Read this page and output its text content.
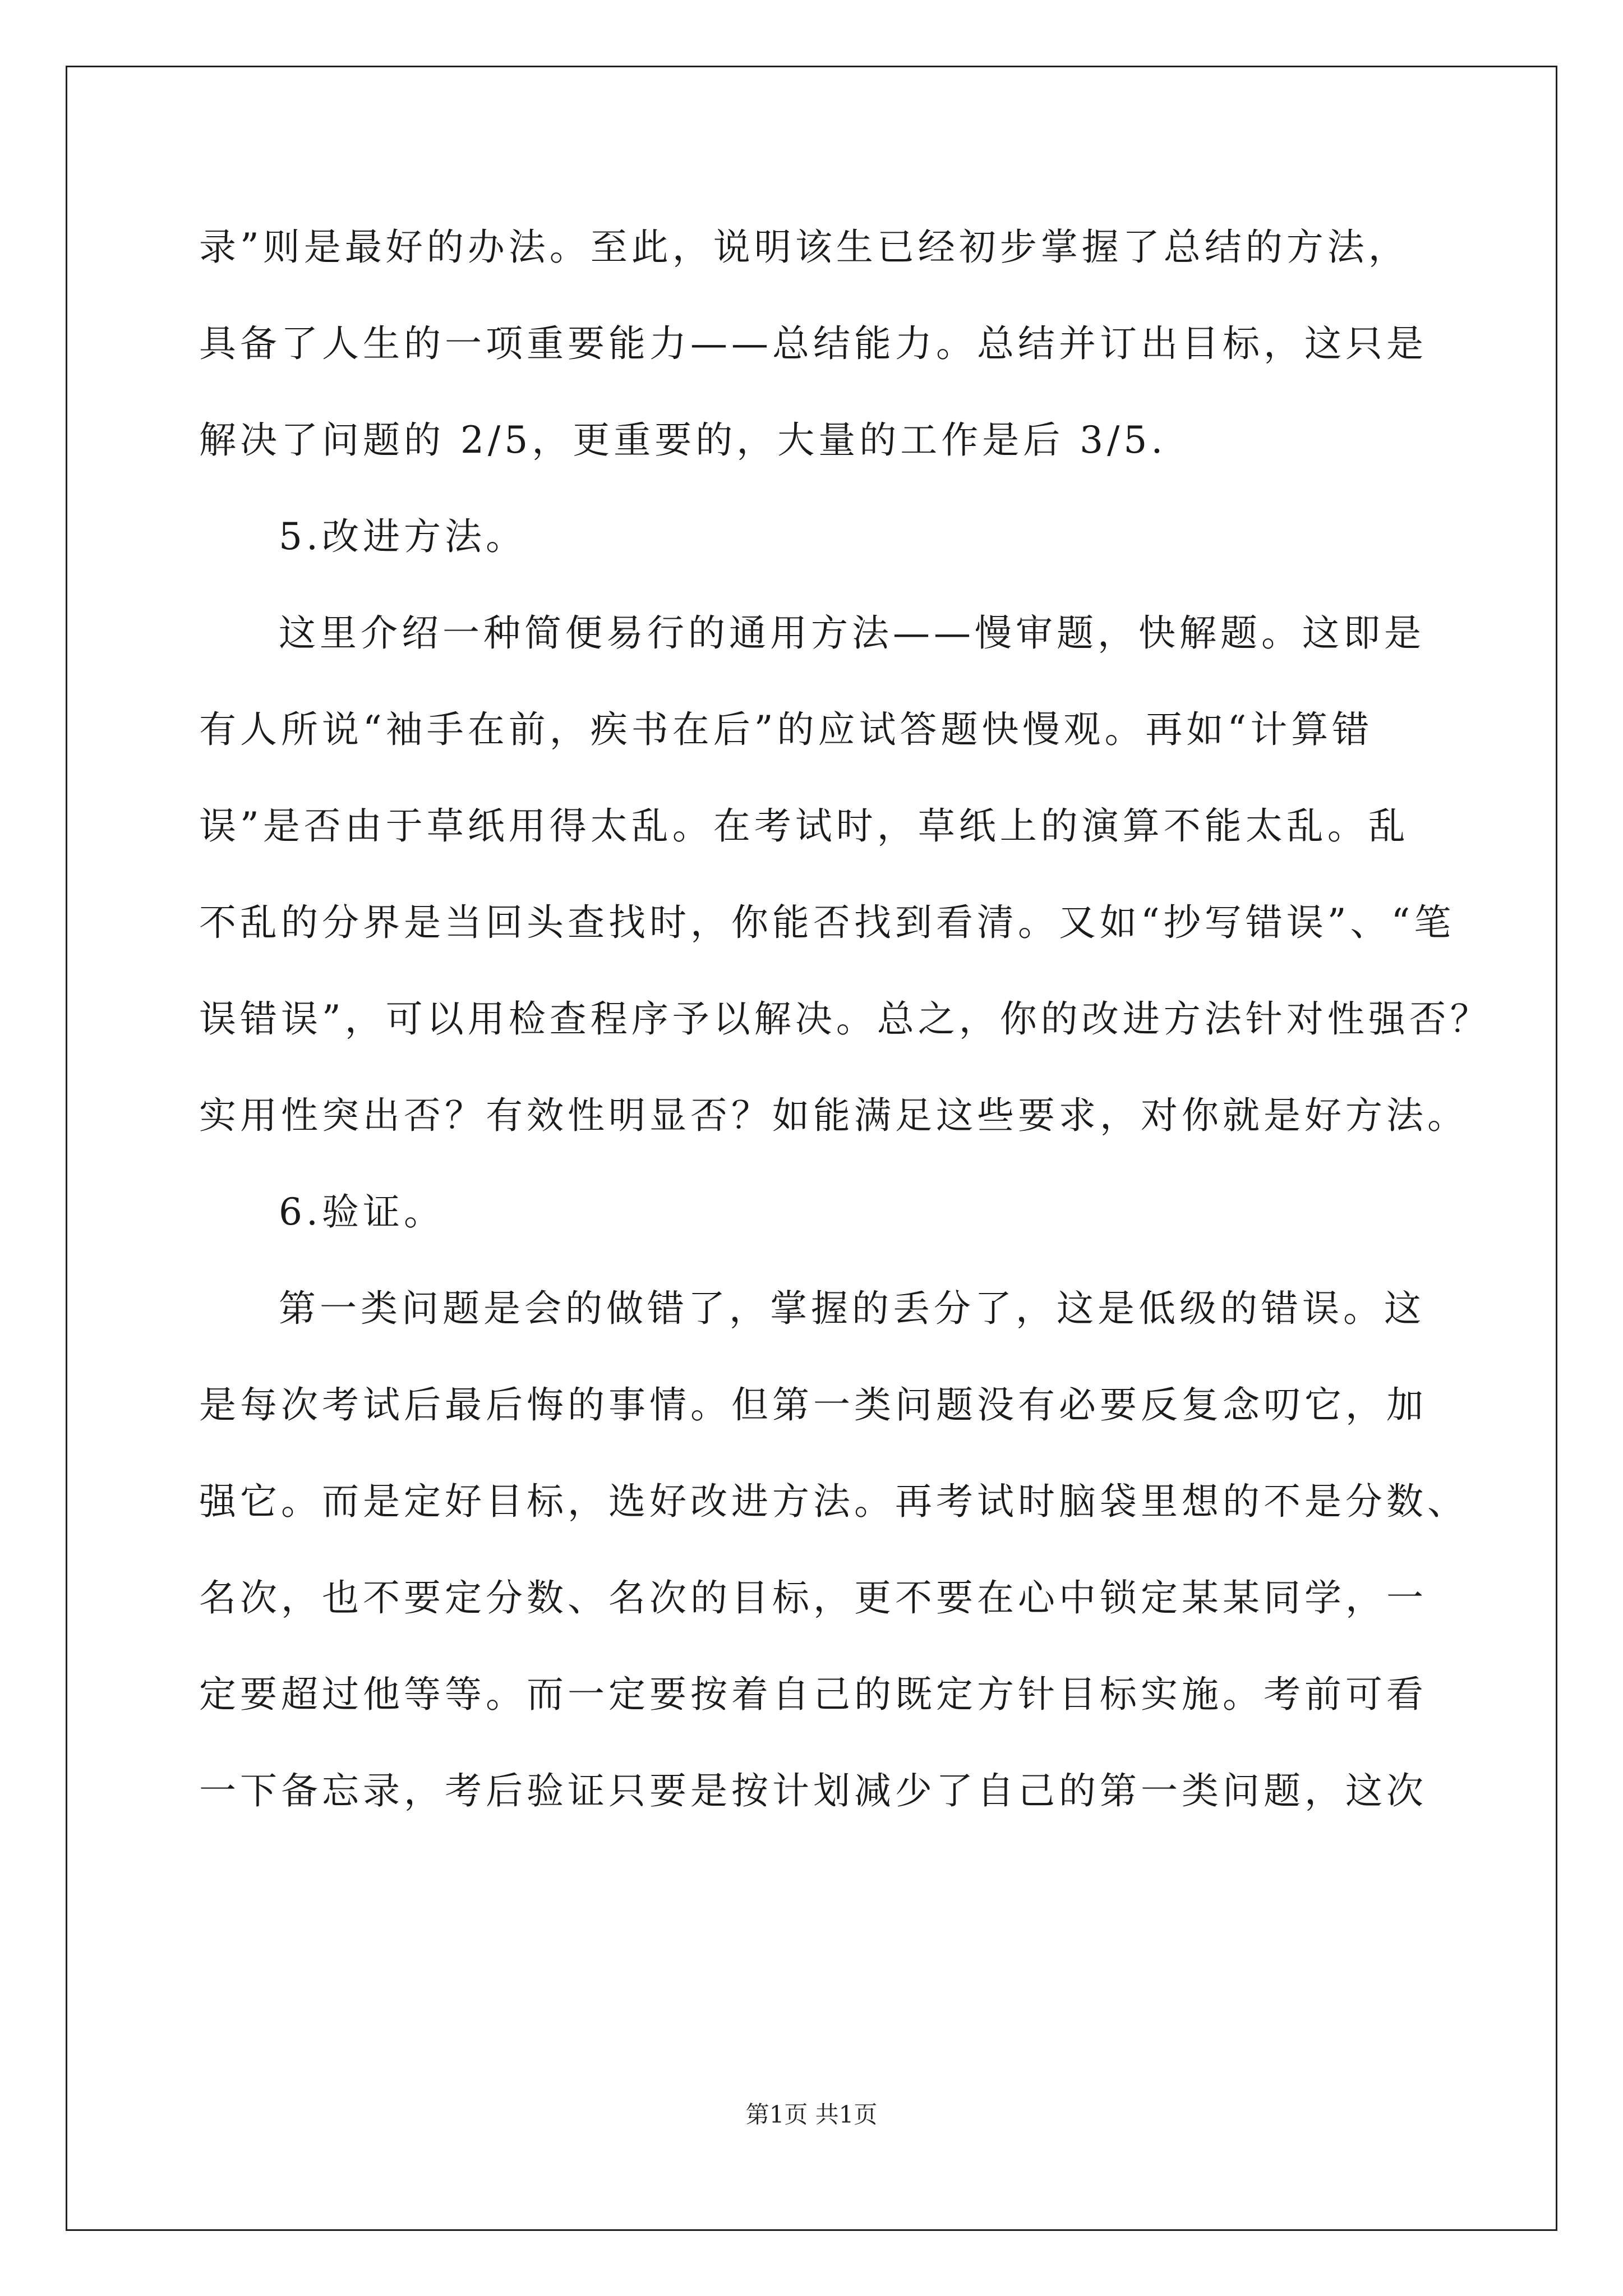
录”则是最好的办法。至此，说明该生已经初步掌握了总结的方法，
具备了人生的一项重要能力——总结能力。总结并订出目标，这只是
解决了问题的 2/5，更重要的，大量的工作是后 3/5.
5.改进方法。
这里介绍一种简便易行的通用方法——慢审题，快解题。这即是
有人所说“袖手在前，疾书在后”的应试答题快慢观。再如“计算错
误”是否由于草纸用得太乱。在考试时，草纸上的演算不能太乱。乱
不乱的分界是当回头查找时，你能否找到看清。又如“抄写错误”、“笔
误错误”，可以用检查程序予以解决。总之，你的改进方法针对性强否？
实用性突出否？有效性明显否？如能满足这些要求，对你就是好方法。
6.验证。
第一类问题是会的做错了，掌握的丢分了，这是低级的错误。这
是每次考试后最后悔的事情。但第一类问题没有必要反复念叨它，加
强它。而是定好目标，选好改进方法。再考试时脑袋里想的不是分数、
名次，也不要定分数、名次的目标，更不要在心中锁定某某同学，一
定要超过他等等。而一定要按着自己的既定方针目标实施。考前可看
一下备忘录，考后验证只要是按计划减少了自己的第一类问题，这次
第1页 共1页
